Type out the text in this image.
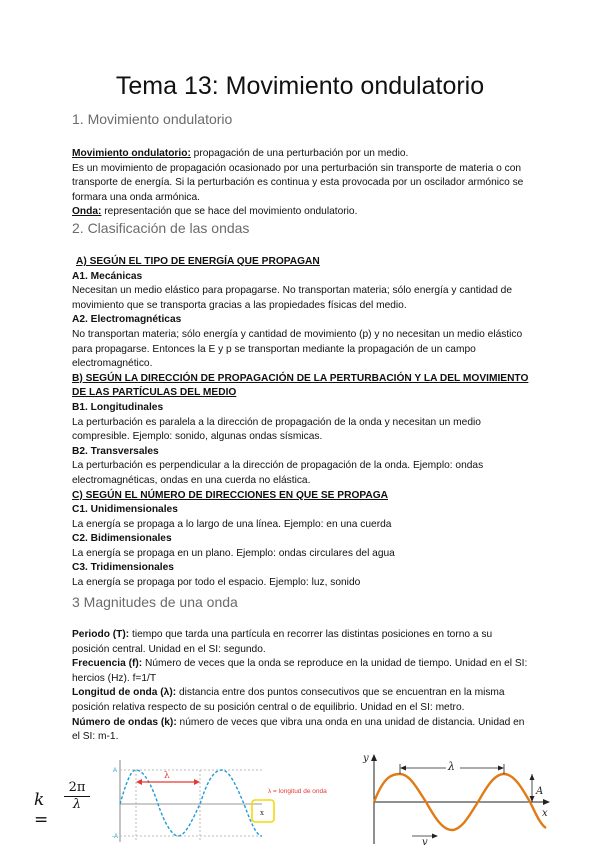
Tema 13: Movimiento ondulatorio
1. Movimiento ondulatorio

Movimiento ondulatorio: propagación de una perturbación por un medio.

Es un movimiento de propagación ocasionado por una perturbación sin transporte de materia o con transporte de energía. Si la perturbación es continua y esta provocada por un oscilador armónico se formara una onda armónica.

Onda: representación que se hace del movimiento ondulatorio.

2. Clasificación de las ondas

A) SEGÚN EL TIPO DE ENERGÍA QUE PROPAGAN

A1. Mecánicas

Necesitan un medio elástico para propagarse. No transportan materia; sólo energía y cantidad de movimiento que se transporta gracias a las propiedades físicas del medio.

A2. Electromagnéticas

No transportan materia; sólo energía y cantidad de movimiento (p) y no necesitan un medio elástico para propagarse. Entonces la E y p se transportan mediante la propagación de un campo electromagnético.

B) SEGÚN LA DIRECCIÓN DE PROPAGACIÓN DE LA PERTURBACIÓN Y LA DEL MOVIMIENTO DE LAS PARTÍCULAS DEL MEDIO

B1. Longitudinales

La perturbación es paralela a la dirección de propagación de la onda y necesitan un medio compresible. Ejemplo: sonido, algunas ondas sísmicas.

B2. Transversales

La perturbación es perpendicular a la dirección de propagación de la onda. Ejemplo: ondas electromagnéticas, ondas en una cuerda no elástica.

C) SEGÚN EL NÚMERO DE DIRECCIONES EN QUE SE PROPAGA

C1. Unidimensionales

La energía se propaga a lo largo de una línea. Ejemplo: en una cuerda

C2. Bidimensionales

La energía se propaga en un plano. Ejemplo: ondas circulares del agua

C3. Tridimensionales

La energía se propaga por todo el espacio. Ejemplo: luz, sonido

3 Magnitudes de una onda

Periodo (T): tiempo que tarda una partícula en recorrer las distintas posiciones en torno a su posición central. Unidad en el SI: segundo.

Frecuencia (f): Número de veces que la onda se reproduce en la unidad de tiempo. Unidad en el SI: hercios (Hz). f=1/T

Longitud de onda (λ): distancia entre dos puntos consecutivos que se encuentran en la misma posición relativa respecto de su posición central o de equilibrio. Unidad en el SI: metro.

Número de ondas (k): número de veces que vibra una onda en una unidad de distancia. Unidad en el SI: m-1.

k =
$\frac{2\pi}{\lambda}$
λ
A
-A
x
λ = longitud de onda
y
x
λ
A
v
